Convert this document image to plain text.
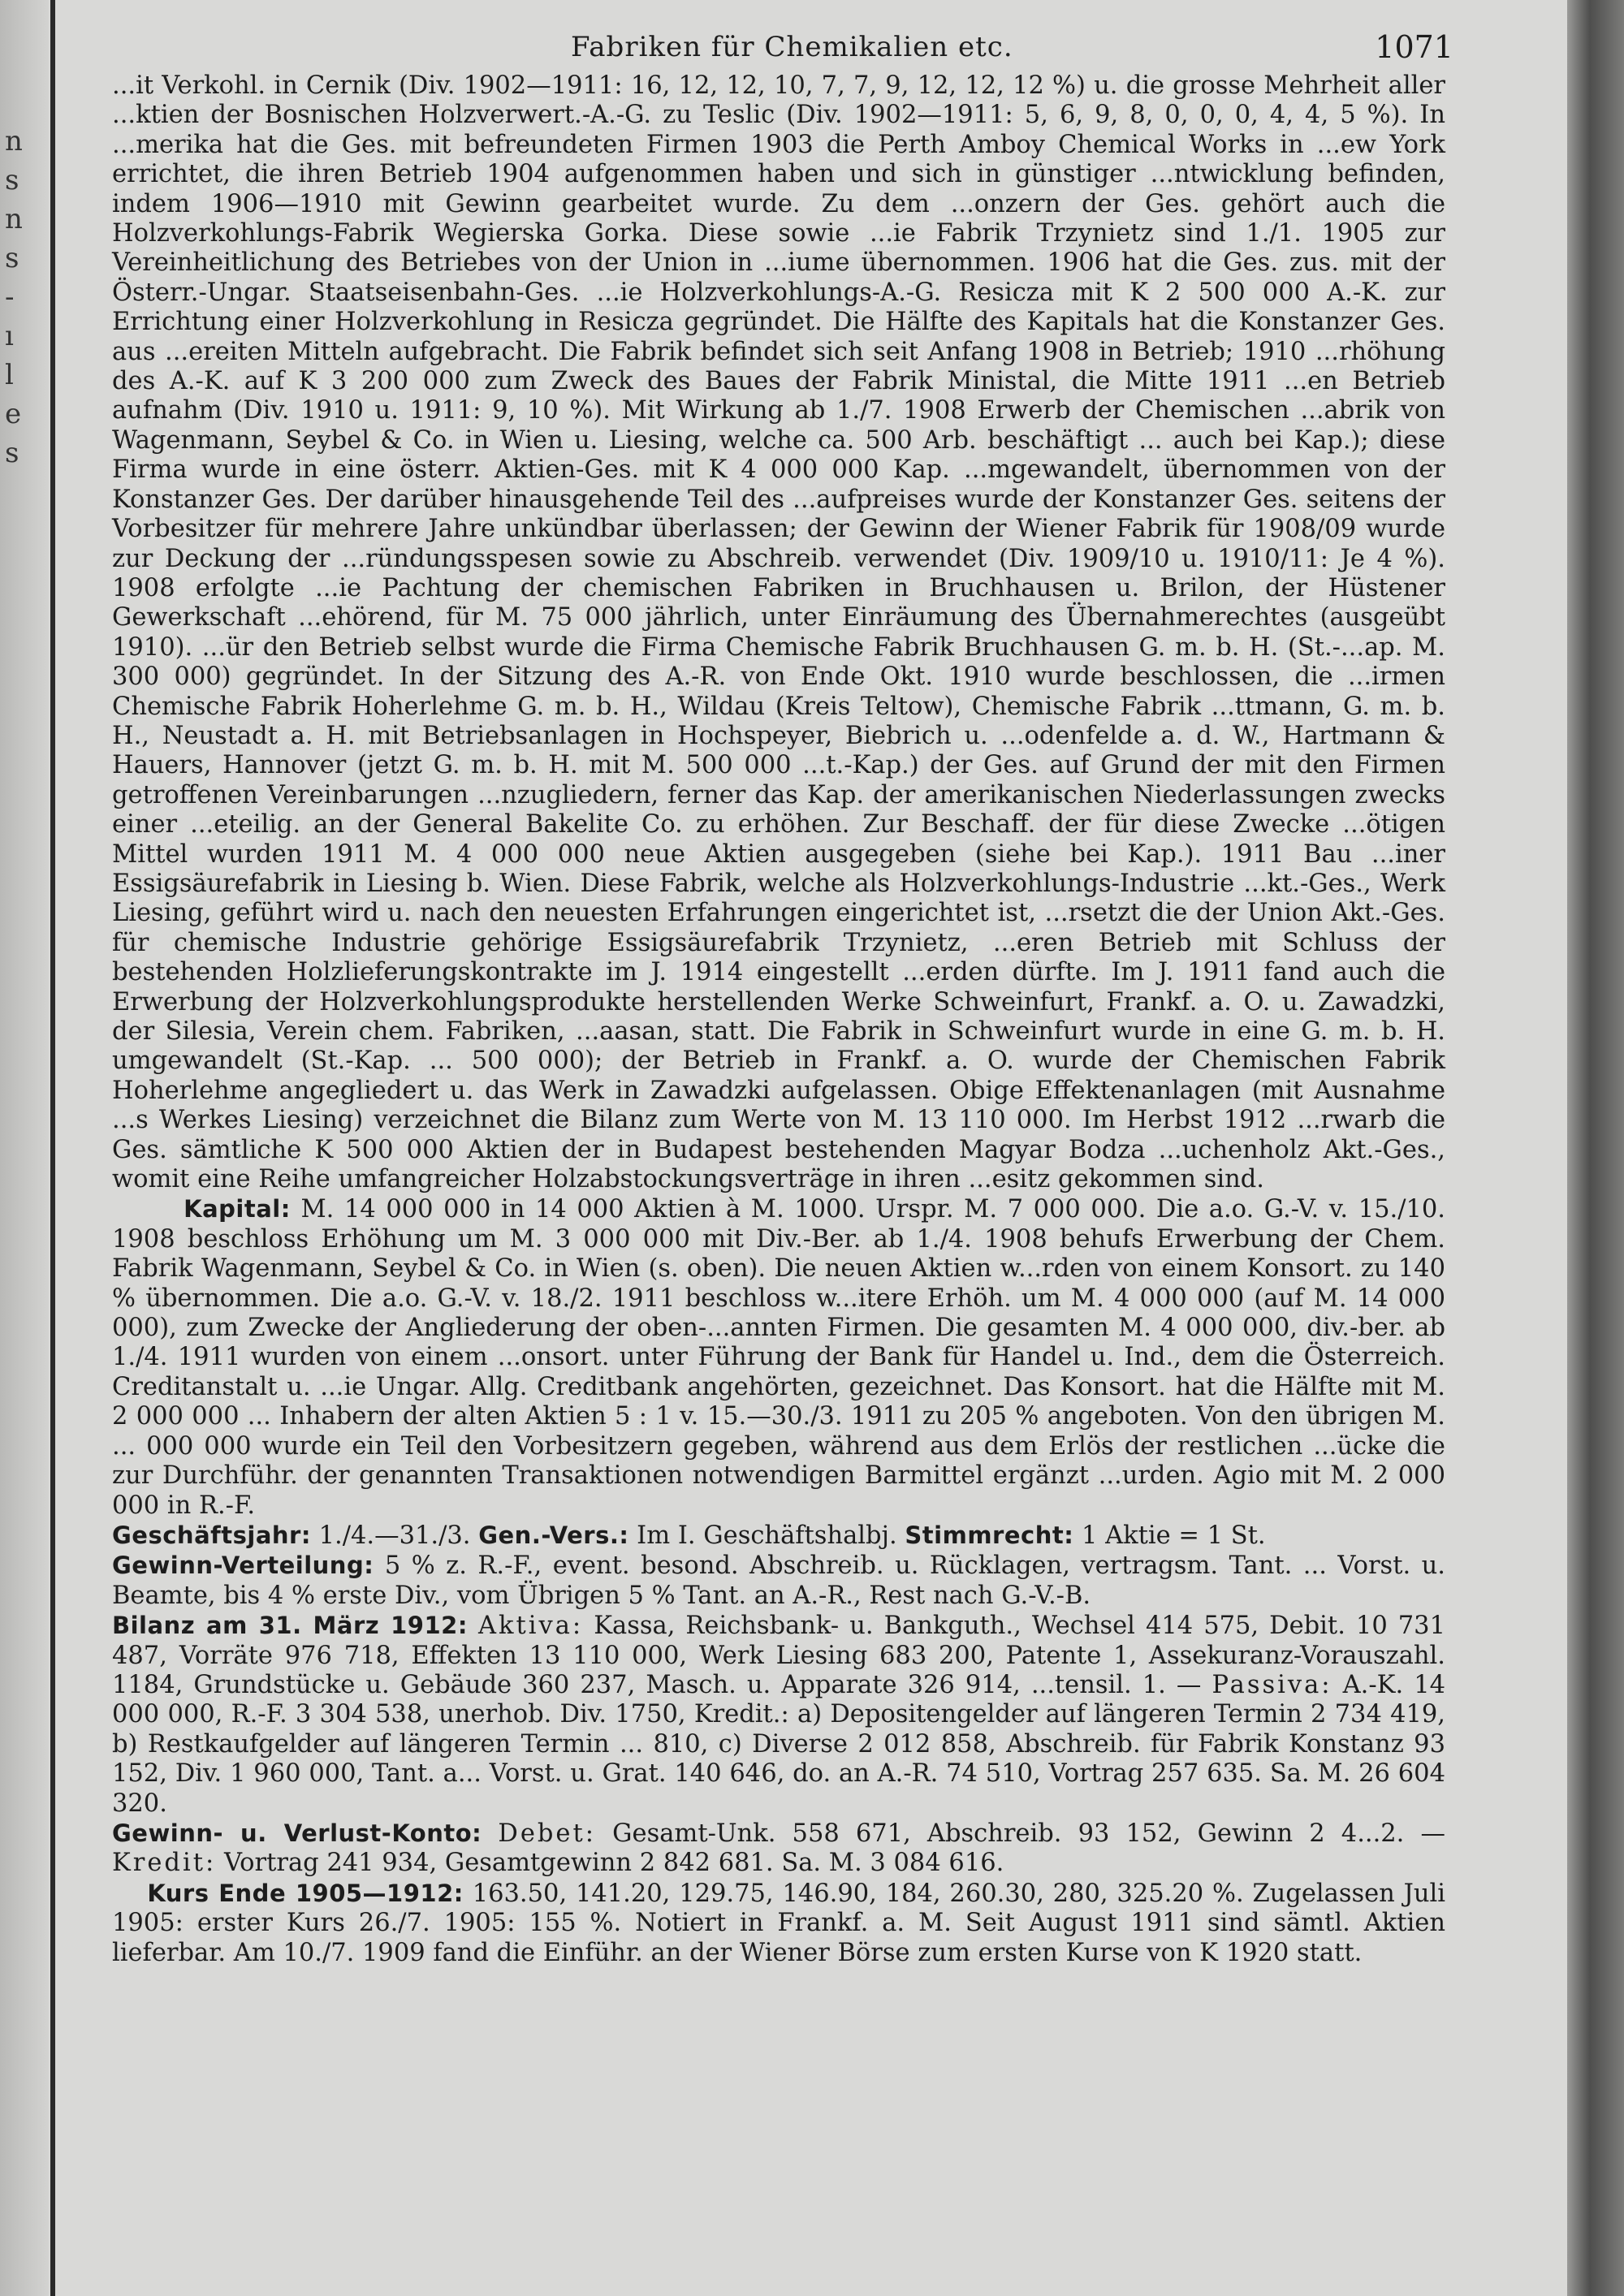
n
s
n
s
-
ı
l
e
s
Fabriken für Chemikalien etc.	1071

...it Verkohl. in Cernik (Div. 1902—1911: 16, 12, 12, 10, 7, 7, 9, 12, 12, 12 %) u. die grosse Mehrheit aller ...ktien der Bosnischen Holzverwert.-A.-G. zu Teslic (Div. 1902—1911: 5, 6, 9, 8, 0, 0, 0, 4, 4, 5 %). In ...merika hat die Ges. mit befreundeten Firmen 1903 die Perth Amboy Chemical Works in ...ew York errichtet, die ihren Betrieb 1904 aufgenommen haben und sich in günstiger ...ntwicklung befinden, indem 1906—1910 mit Gewinn gearbeitet wurde. Zu dem ...onzern der Ges. gehört auch die Holzverkohlungs-Fabrik Wegierska Gorka. Diese sowie ...ie Fabrik Trzynietz sind 1./1. 1905 zur Vereinheitlichung des Betriebes von der Union in ...iume übernommen. 1906 hat die Ges. zus. mit der Österr.-Ungar. Staatseisenbahn-Ges. ...ie Holzverkohlungs-A.-G. Resicza mit K 2 500 000 A.-K. zur Errichtung einer Holzverkohlung in Resicza gegründet. Die Hälfte des Kapitals hat die Konstanzer Ges. aus ...ereiten Mitteln aufgebracht. Die Fabrik befindet sich seit Anfang 1908 in Betrieb; 1910 ...rhöhung des A.-K. auf K 3 200 000 zum Zweck des Baues der Fabrik Ministal, die Mitte 1911 ...en Betrieb aufnahm (Div. 1910 u. 1911: 9, 10 %). Mit Wirkung ab 1./7. 1908 Erwerb der Chemischen ...abrik von Wagenmann, Seybel & Co. in Wien u. Liesing, welche ca. 500 Arb. beschäftigt ... auch bei Kap.); diese Firma wurde in eine österr. Aktien-Ges. mit K 4 000 000 Kap. ...mgewandelt, übernommen von der Konstanzer Ges. Der darüber hinausgehende Teil des ...aufpreises wurde der Konstanzer Ges. seitens der Vorbesitzer für mehrere Jahre unkündbar überlassen; der Gewinn der Wiener Fabrik für 1908/09 wurde zur Deckung der ...ründungsspesen sowie zu Abschreib. verwendet (Div. 1909/10 u. 1910/11: Je 4 %). 1908 erfolgte ...ie Pachtung der chemischen Fabriken in Bruchhausen u. Brilon, der Hüstener Gewerkschaft ...ehörend, für M. 75 000 jährlich, unter Einräumung des Übernahmerechtes (ausgeübt 1910). ...ür den Betrieb selbst wurde die Firma Chemische Fabrik Bruchhausen G. m. b. H. (St.-...ap. M. 300 000) gegründet. In der Sitzung des A.-R. von Ende Okt. 1910 wurde beschlossen, die ...irmen Chemische Fabrik Hoherlehme G. m. b. H., Wildau (Kreis Teltow), Chemische Fabrik ...ttmann, G. m. b. H., Neustadt a. H. mit Betriebsanlagen in Hochspeyer, Biebrich u. ...odenfelde a. d. W., Hartmann & Hauers, Hannover (jetzt G. m. b. H. mit M. 500 000 ...t.-Kap.) der Ges. auf Grund der mit den Firmen getroffenen Vereinbarungen ...nzugliedern, ferner das Kap. der amerikanischen Niederlassungen zwecks einer ...eteilig. an der General Bakelite Co. zu erhöhen. Zur Beschaff. der für diese Zwecke ...ötigen Mittel wurden 1911 M. 4 000 000 neue Aktien ausgegeben (siehe bei Kap.). 1911 Bau ...iner Essigsäurefabrik in Liesing b. Wien. Diese Fabrik, welche als Holzverkohlungs-Industrie ...kt.-Ges., Werk Liesing, geführt wird u. nach den neuesten Erfahrungen eingerichtet ist, ...rsetzt die der Union Akt.-Ges. für chemische Industrie gehörige Essigsäurefabrik Trzynietz, ...eren Betrieb mit Schluss der bestehenden Holzlieferungskontrakte im J. 1914 eingestellt ...erden dürfte. Im J. 1911 fand auch die Erwerbung der Holzverkohlungsprodukte herstellenden Werke Schweinfurt, Frankf. a. O. u. Zawadzki, der Silesia, Verein chem. Fabriken, ...aasan, statt. Die Fabrik in Schweinfurt wurde in eine G. m. b. H. umgewandelt (St.-Kap. ... 500 000); der Betrieb in Frankf. a. O. wurde der Chemischen Fabrik Hoherlehme angegliedert u. das Werk in Zawadzki aufgelassen. Obige Effektenanlagen (mit Ausnahme ...s Werkes Liesing) verzeichnet die Bilanz zum Werte von M. 13 110 000. Im Herbst 1912 ...rwarb die Ges. sämtliche K 500 000 Aktien der in Budapest bestehenden Magyar Bodza ...uchenholz Akt.-Ges., womit eine Reihe umfangreicher Holzabstockungsverträge in ihren ...esitz gekommen sind.

Kapital: M. 14 000 000 in 14 000 Aktien à M. 1000. Urspr. M. 7 000 000. Die a.o. G.-V. v. 15./10. 1908 beschloss Erhöhung um M. 3 000 000 mit Div.-Ber. ab 1./4. 1908 behufs Erwerbung der Chem. Fabrik Wagenmann, Seybel & Co. in Wien (s. oben). Die neuen Aktien w...rden von einem Konsort. zu 140 % übernommen. Die a.o. G.-V. v. 18./2. 1911 beschloss w...itere Erhöh. um M. 4 000 000 (auf M. 14 000 000), zum Zwecke der Angliederung der oben-...annten Firmen. Die gesamten M. 4 000 000, div.-ber. ab 1./4. 1911 wurden von einem ...onsort. unter Führung der Bank für Handel u. Ind., dem die Österreich. Creditanstalt u. ...ie Ungar. Allg. Creditbank angehörten, gezeichnet. Das Konsort. hat die Hälfte mit M. 2 000 000 ... Inhabern der alten Aktien 5 : 1 v. 15.—30./3. 1911 zu 205 % angeboten. Von den übrigen M. ... 000 000 wurde ein Teil den Vorbesitzern gegeben, während aus dem Erlös der restlichen ...ücke die zur Durchführ. der genannten Transaktionen notwendigen Barmittel ergänzt ...urden. Agio mit M. 2 000 000 in R.-F.

Geschäftsjahr: 1./4.—31./3. Gen.-Vers.: Im I. Geschäftshalbj. Stimmrecht: 1 Aktie = 1 St.

Gewinn-Verteilung: 5 % z. R.-F., event. besond. Abschreib. u. Rücklagen, vertragsm. Tant. ... Vorst. u. Beamte, bis 4 % erste Div., vom Übrigen 5 % Tant. an A.-R., Rest nach G.-V.-B.

Bilanz am 31. März 1912: Aktiva: Kassa, Reichsbank- u. Bankguth., Wechsel 414 575, Debit. 10 731 487, Vorräte 976 718, Effekten 13 110 000, Werk Liesing 683 200, Patente 1, Assekuranz-Vorauszahl. 1184, Grundstücke u. Gebäude 360 237, Masch. u. Apparate 326 914, ...tensil. 1. — Passiva: A.-K. 14 000 000, R.-F. 3 304 538, unerhob. Div. 1750, Kredit.: a) Depositengelder auf längeren Termin 2 734 419, b) Restkaufgelder auf längeren Termin ... 810, c) Diverse 2 012 858, Abschreib. für Fabrik Konstanz 93 152, Div. 1 960 000, Tant. a... Vorst. u. Grat. 140 646, do. an A.-R. 74 510, Vortrag 257 635. Sa. M. 26 604 320.

Gewinn- u. Verlust-Konto: Debet: Gesamt-Unk. 558 671, Abschreib. 93 152, Gewinn 2 4...2. — Kredit: Vortrag 241 934, Gesamtgewinn 2 842 681. Sa. M. 3 084 616.

Kurs Ende 1905—1912: 163.50, 141.20, 129.75, 146.90, 184, 260.30, 280, 325.20 %. Zugelassen Juli 1905: erster Kurs 26./7. 1905: 155 %. Notiert in Frankf. a. M. Seit August 1911 sind sämtl. Aktien lieferbar. Am 10./7. 1909 fand die Einführ. an der Wiener Börse zum ersten Kurse von K 1920 statt.
